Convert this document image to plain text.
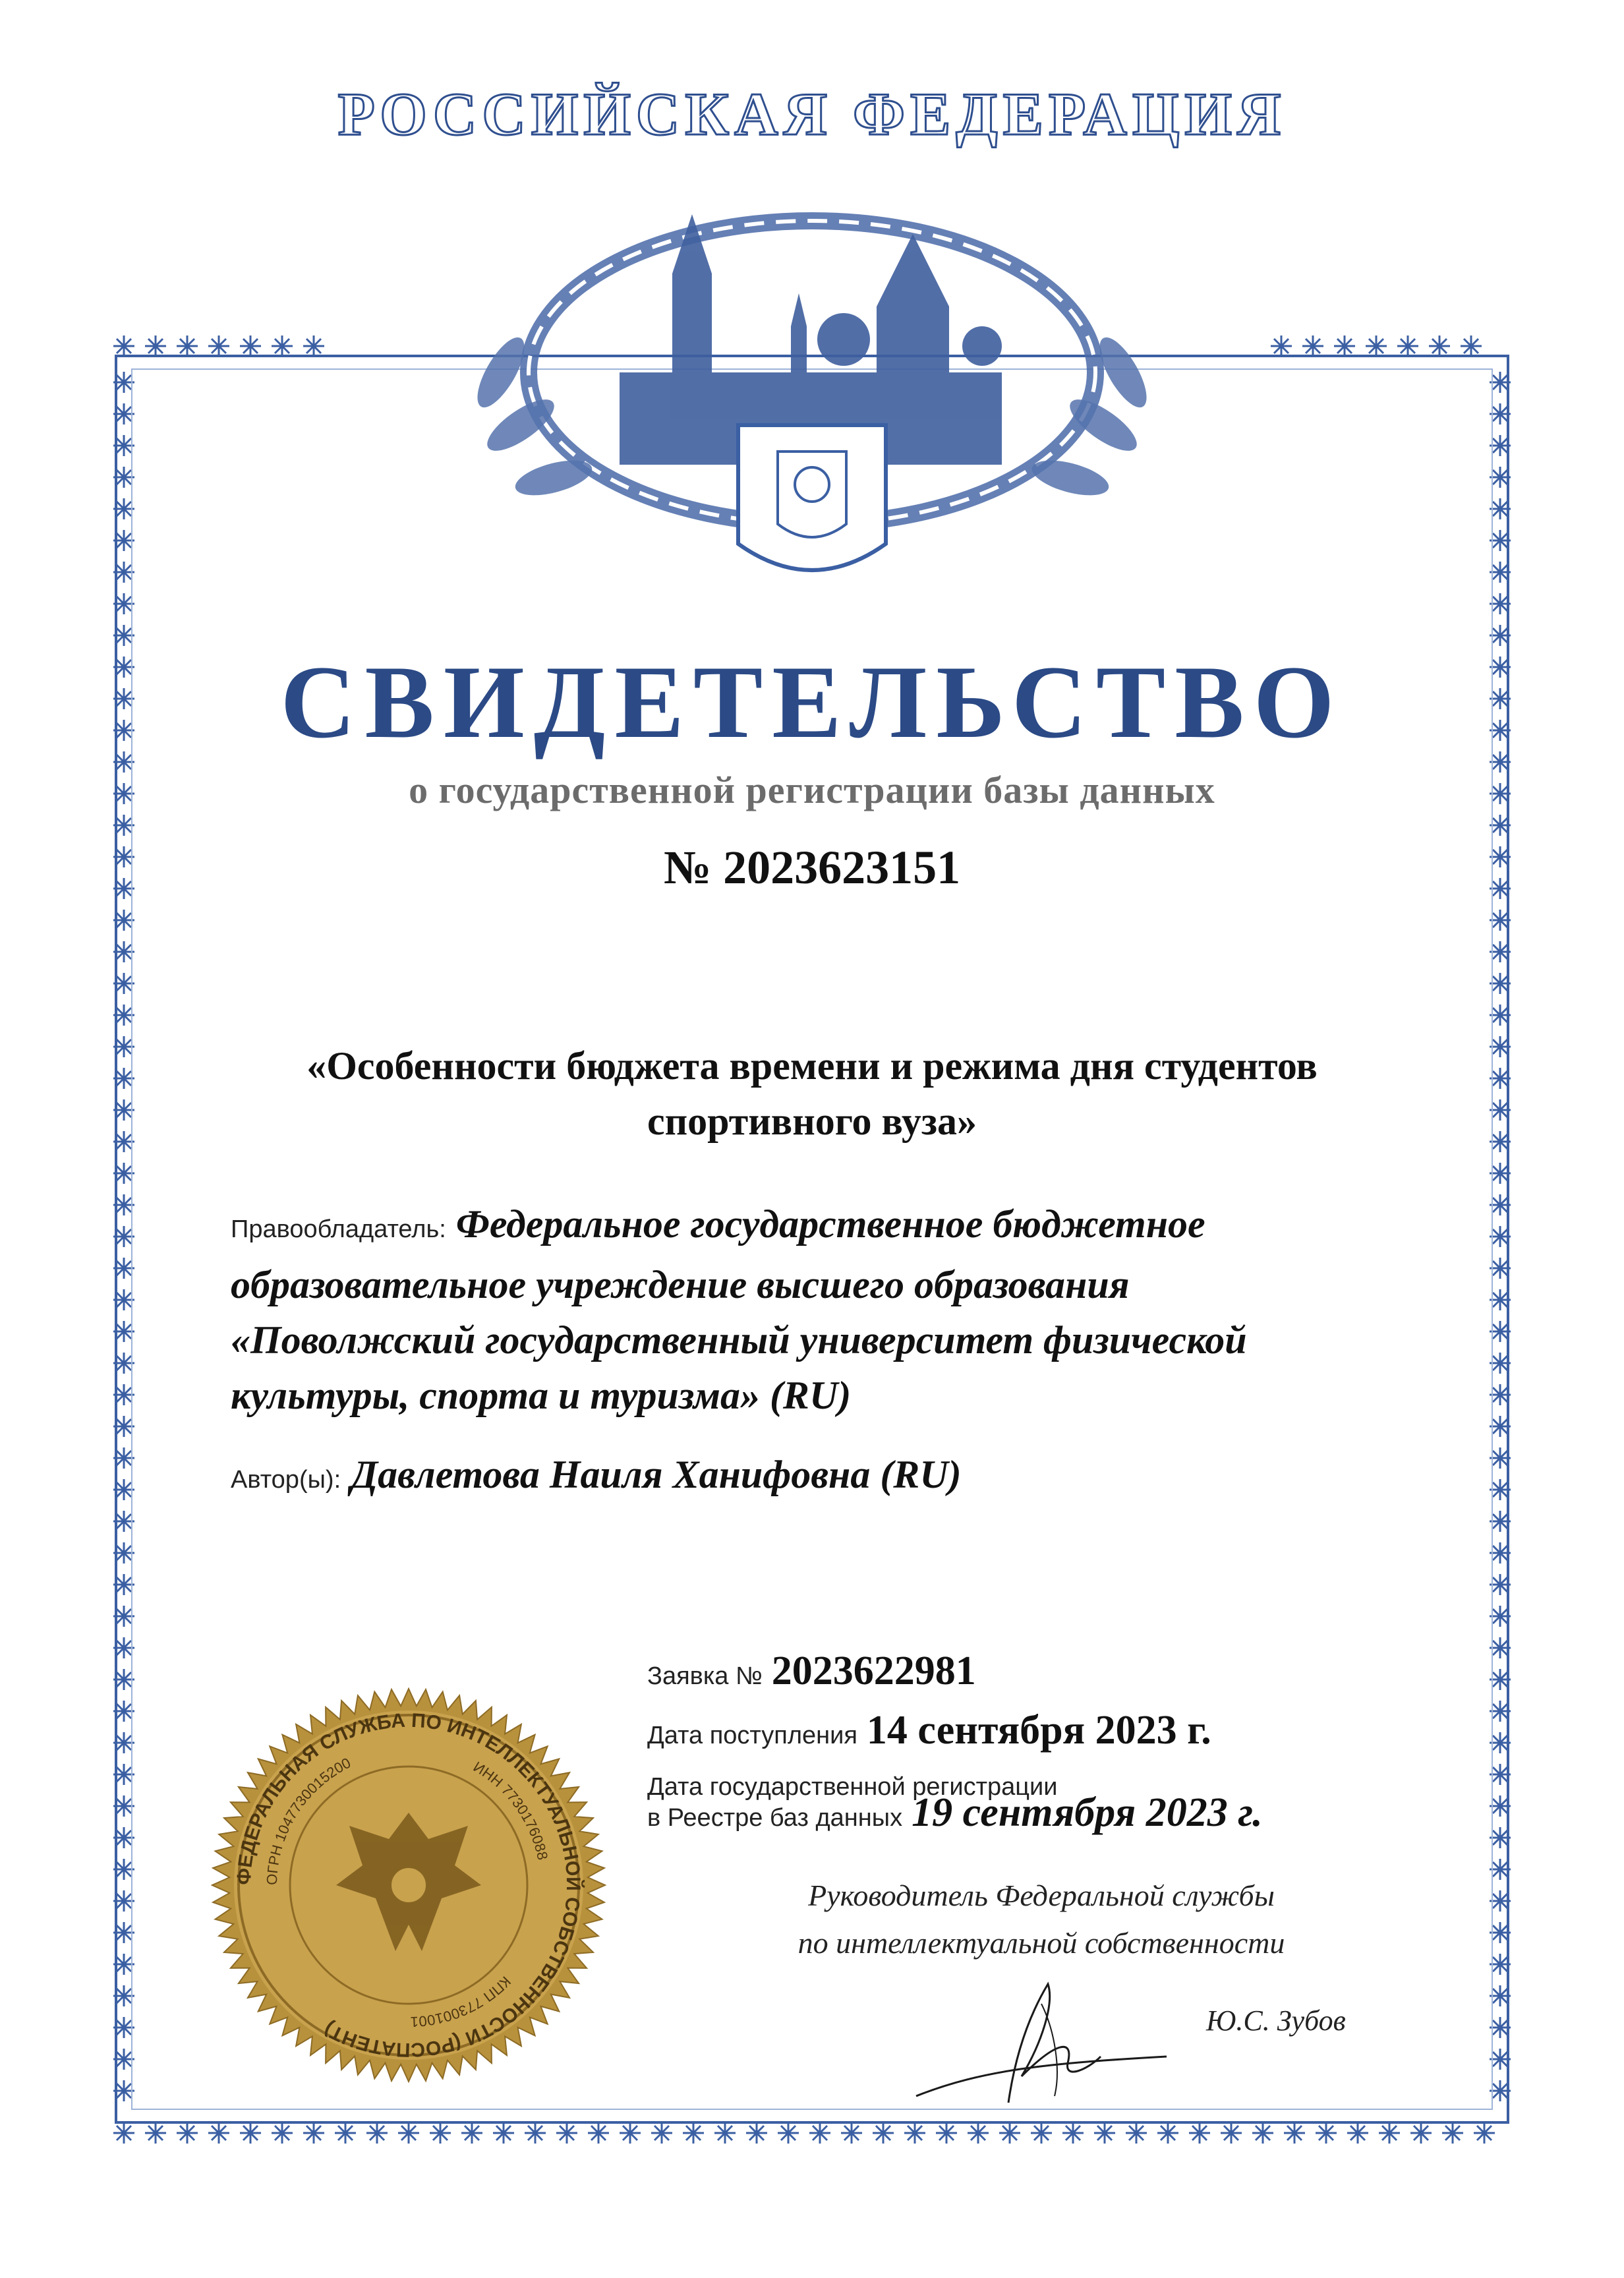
РОССИЙСКАЯ ФЕДЕРАЦИЯ
СВИДЕТЕЛЬСТВО
о государственной регистрации базы данных
№ 2023623151
«Особенности бюджета времени и режима дня студентов
спортивного вуза»
Правообладатель: Федеральное государственное бюджетное
образовательное учреждение высшего образования
«Поволжский государственный университет физической
культуры, спорта и туризма» (RU)
Автор(ы): Давлетова Наиля Ханифовна (RU)
Заявка № 2023622981
Дата поступления 14 сентября 2023 г.
Дата государственной регистрации
в Реестре баз данных 19 сентября 2023 г.
Руководитель Федеральной службы
по интеллектуальной собственности
Ю.С. Зубов
ФЕДЕРАЛЬНАЯ СЛУЖБА ПО ИНТЕЛЛЕКТУАЛЬНОЙ СОБСТВЕННОСТИ (РОСПАТЕНТ)
ОГРН 1047730015200	ИНН 7730176088
КПП 773001001
